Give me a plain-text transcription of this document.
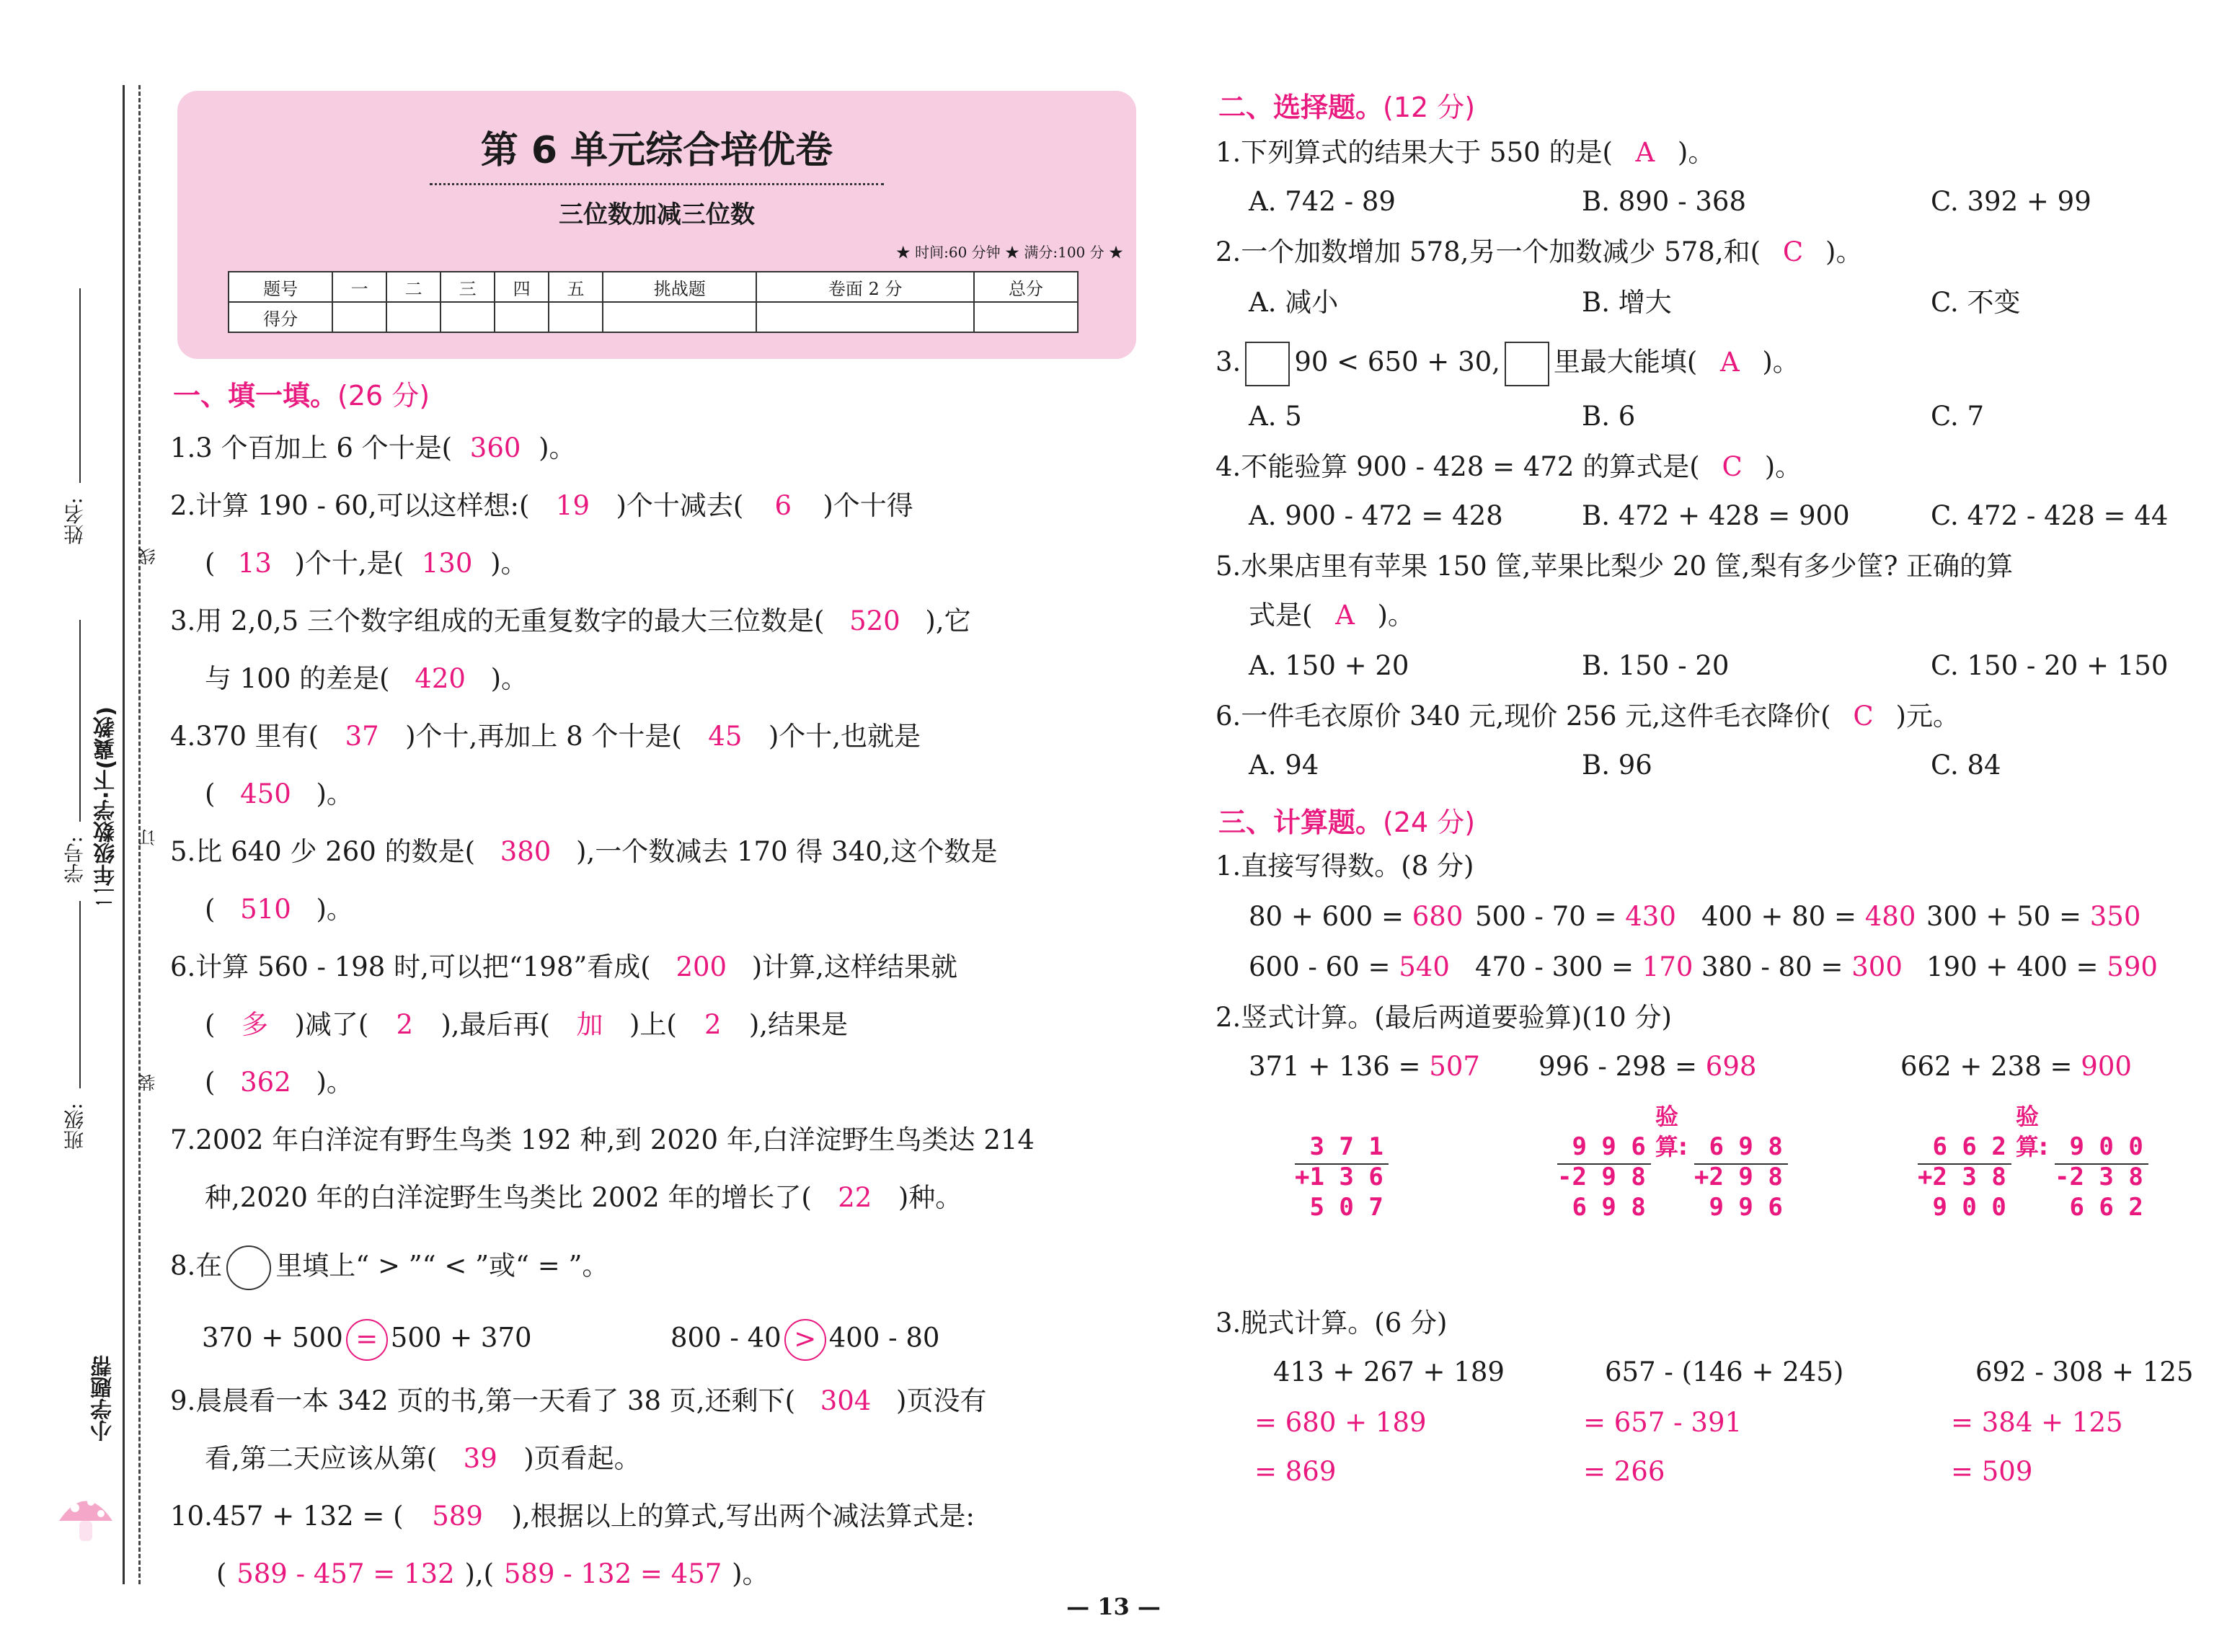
线
订
装
姓名:
学号:
班级:
二年级数学·下(冀教)
小学题帮
第 6 单元综合培优卷
三位数加减三位数
★ 时间:60 分钟 ★ 满分:100 分 ★
题号	一	二	三	四	五	挑战题	卷面 2 分	总分
得分								
一、填一填。(26 分)
1.3 个百加上 6 个十是( 360 )。
2.计算 190 - 60,可以这样想:( 19 )个十减去( 6 )个十得
( 13 )个十,是( 130 )。
3.用 2,0,5 三个数字组成的无重复数字的最大三位数是( 520 ),它
与 100 的差是( 420 )。
4.370 里有( 37 )个十,再加上 8 个十是( 45 )个十,也就是
( 450 )。
5.比 640 少 260 的数是( 380 ),一个数减去 170 得 340,这个数是
( 510 )。
6.计算 560 - 198 时,可以把“198”看成( 200 )计算,这样结果就
( 多 )减了( 2 ),最后再( 加 )上( 2 ),结果是
( 362 )。
7.2002 年白洋淀有野生鸟类 192 种,到 2020 年,白洋淀野生鸟类达 214
种,2020 年的白洋淀野生鸟类比 2002 年的增长了( 22 )种。
8.在 里填上“ > ”“ < ”或“ = ”。
370 + 500 = 500 + 370	800 - 40 > 400 - 80
9.晨晨看一本 342 页的书,第一天看了 38 页,还剩下( 304 )页没有
看,第二天应该从第( 39 )页看起。
10.457 + 132 = ( 589 ),根据以上的算式,写出两个减法算式是:
( 589 - 457 = 132 ),( 589 - 132 = 457 )。
二、选择题。(12 分)
1.下列算式的结果大于 550 的是( A )。
A. 742 - 89	B. 890 - 368	C. 392 + 99
2.一个加数增加 578,另一个加数减少 578,和( C )。
A. 减小	B. 增大	C. 不变
3. 90 < 650 + 30, 里最大能填( A )。
A. 5	B. 6	C. 7
4.不能验算 900 - 428 = 472 的算式是( C )。
A. 900 - 472 = 428	B. 472 + 428 = 900	C. 472 - 428 = 44
5.水果店里有苹果 150 筐,苹果比梨少 20 筐,梨有多少筐? 正确的算
式是( A )。
A. 150 + 20	B. 150 - 20	C. 150 - 20 + 150
6.一件毛衣原价 340 元,现价 256 元,这件毛衣降价( C )元。
A. 94	B. 96	C. 84
三、计算题。(24 分)
1.直接写得数。(8 分)
80 + 600 = 680 500 - 70 = 430 400 + 80 = 480 300 + 50 = 350
600 - 60 = 540 470 - 300 = 170 380 - 80 = 300 190 + 400 = 590
2.竖式计算。(最后两道要验算)(10 分)
371 + 136 = 507 996 - 298 = 698	662 + 238 = 900

3 7 1
+1 3 6
5 0 7

9 9 6
-2 9 8
6 9 8
验
算: 6 9 8
+2 9 8
9 9 6

6 6 2
+2 3 8
9 0 0
验
算: 9 0 0
-2 3 8
6 6 2
3.脱式计算。(6 分)
413 + 267 + 189
= 680 + 189
= 869
657 - (146 + 245)
= 657 - 391
= 266
692 - 308 + 125
= 384 + 125
= 509
— 13 —
